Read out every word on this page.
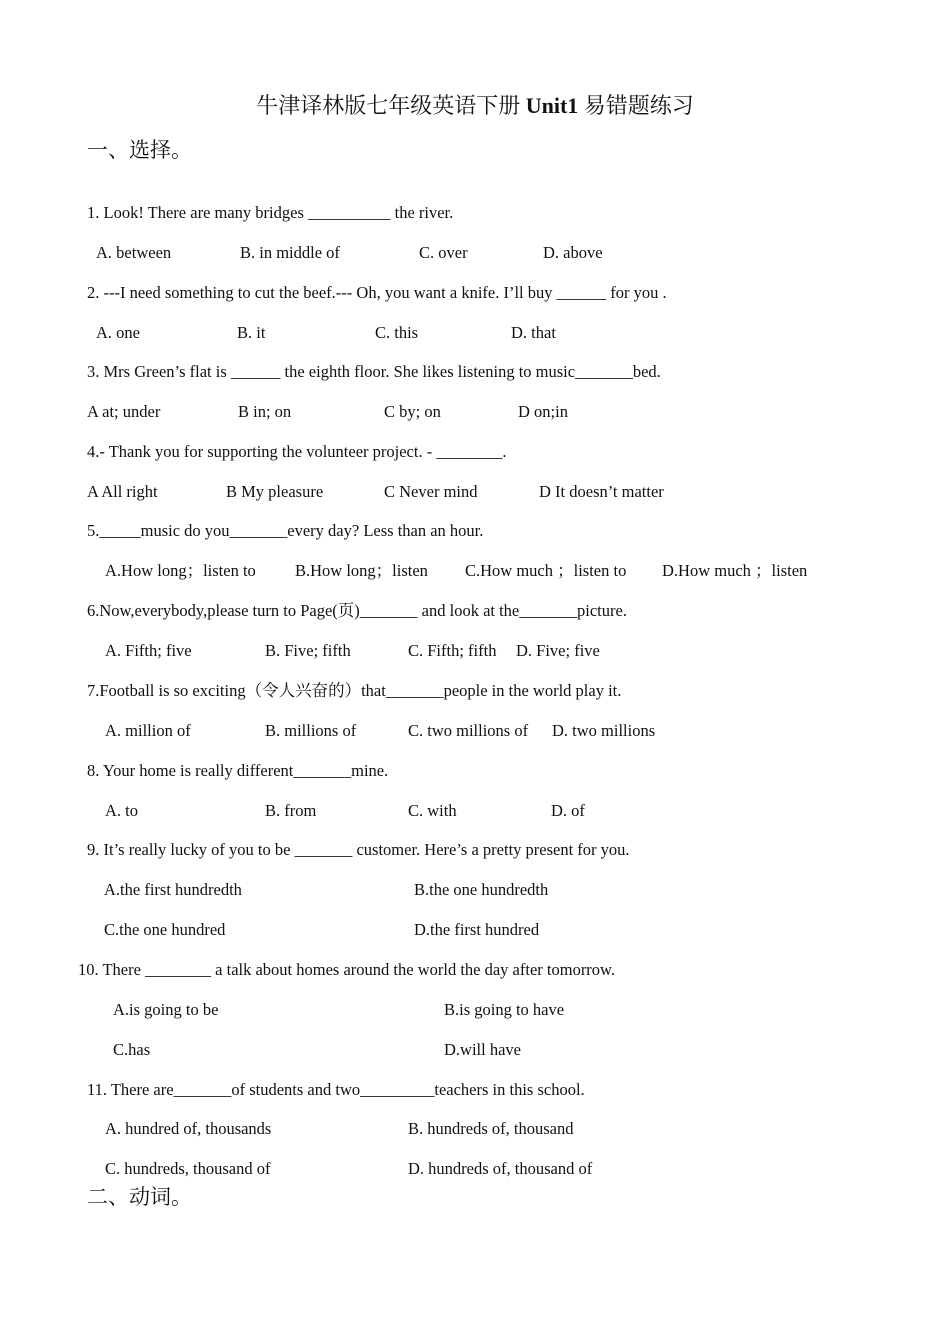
牛津译林版七年级英语下册 Unit1 易错题练习
一、选择。
1. Look! There are many bridges __________ the river.
A. between	B. in middle of	C. over	D. above
2. ---I need something to cut the beef.--- Oh, you want a knife. I’ll buy ______ for you .
A. one	B. it	C. this	D. that
3. Mrs Green’s flat is ______ the eighth floor. She likes listening to music_______bed.
A at; under	B in; on	C by; on	D on;in
4.- Thank you for supporting the volunteer project. - ________.
A All right	B My pleasure	C Never mind	D It doesn’t matter
5._____music do you_______every day? Less than an hour.
A.How long；listen to B.How long；listen C.How much ；listen to D.How much ；listen
6.Now,everybody,please turn to Page(页)_______ and look at the_______picture.
A. Fifth; five	B. Five; fifth	C. Fifth; fifth D. Five; five
7.Football is so exciting（令人兴奋的）that_______people in the world play it.
A. million of	B. millions of	C. two millions of D. two millions
8. Your home is really different_______mine.
A. to	B. from	C. with	D. of
9. It’s really lucky of you to be _______ customer. Here’s a pretty present for you.
A.the first hundredth	B.the one hundredth
C.the one hundred	D.the first hundred
10. There ________ a talk about homes around the world the day after tomorrow.
A.is going to be	B.is going to have
C.has	D.will have
11. There are_______of students and two_________teachers in this school.
A. hundred of, thousands	B. hundreds of, thousand
C. hundreds, thousand of	D. hundreds of, thousand of
二、动词。
